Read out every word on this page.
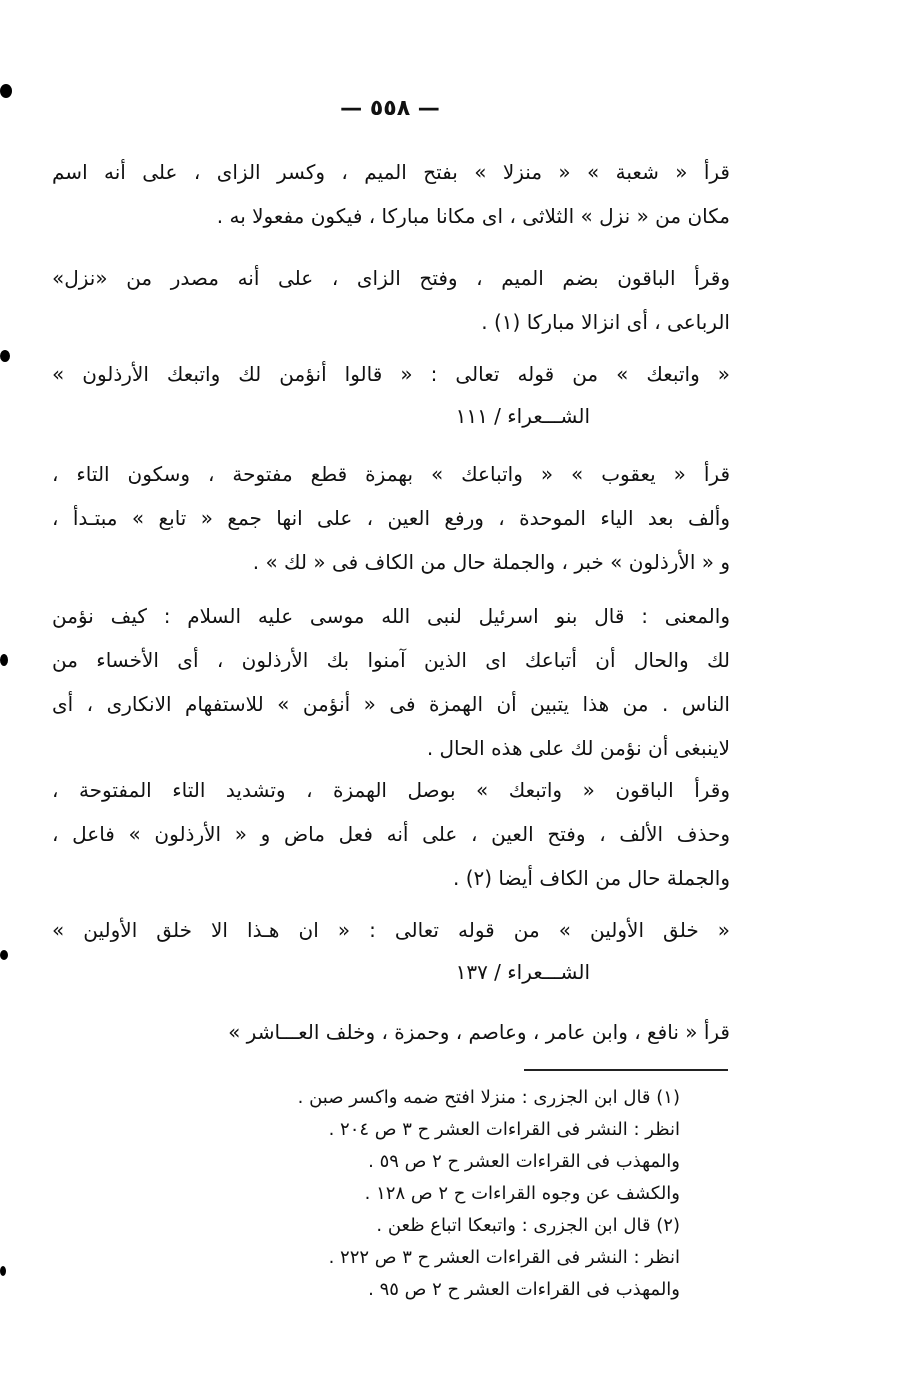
— ٥٥٨ —
قرأ « شعبة » « منزلا » بفتح الميم ، وكسر الزاى ، على أنه اسم
مكان من « نزل » الثلاثى ، اى مكانا مباركا ، فيكون مفعولا به .
وقرأ الباقون بضم الميم ، وفتح الزاى ، على أنه مصدر من «نزل»
الرباعى ، أى انزالا مباركا (١) .
« واتبعك » من قوله تعالى : « قالوا أنؤمن لك واتبعك الأرذلون »
الشـــعراء / ١١١
قرأ « يعقوب » « واتباعك » بهمزة قطع مفتوحة ، وسكون التاء ،
وألف بعد الياء الموحدة ، ورفع العين ، على انها جمع « تابع » مبتـدأ ،
و « الأرذلون » خبر ، والجملة حال من الكاف فى « لك » .
والمعنى : قال بنو اسرئيل لنبى الله موسى عليه السلام : كيف نؤمن
لك والحال أن أتباعك اى الذين آمنوا بك الأرذلون ، أى الأخساء من
الناس . من هذا يتبين أن الهمزة فى « أنؤمن » للاستفهام الانكارى ، أى
لاينبغى أن نؤمن لك على هذه الحال .
وقرأ الباقون « واتبعك » بوصل الهمزة ، وتشديد التاء المفتوحة ،
وحذف الألف ، وفتح العين ، على أنه فعل ماض و « الأرذلون » فاعل ،
والجملة حال من الكاف أيضا (٢) .
« خلق الأولين » من قوله تعالى : « ان هـذا الا خلق الأولين »
الشـــعراء / ١٣٧
قرأ « نافع ، وابن عامر ، وعاصم ، وحمزة ، وخلف العـــاشر »
(١) قال ابن الجزرى : منزلا افتح ضمه واكسر صبن .
انظر : النشر فى القراءات العشر ح ٣ ص ٢٠٤ .
والمهذب فى القراءات العشر ح ٢ ص ٥٩ .
والكشف عن وجوه القراءات ح ٢ ص ١٢٨ .
(٢) قال ابن الجزرى : واتبعكا اتباع ظعن .
انظر : النشر فى القراءات العشر ح ٣ ص ٢٢٢ .
والمهذب فى القراءات العشر ح ٢ ص ٩٥ .
